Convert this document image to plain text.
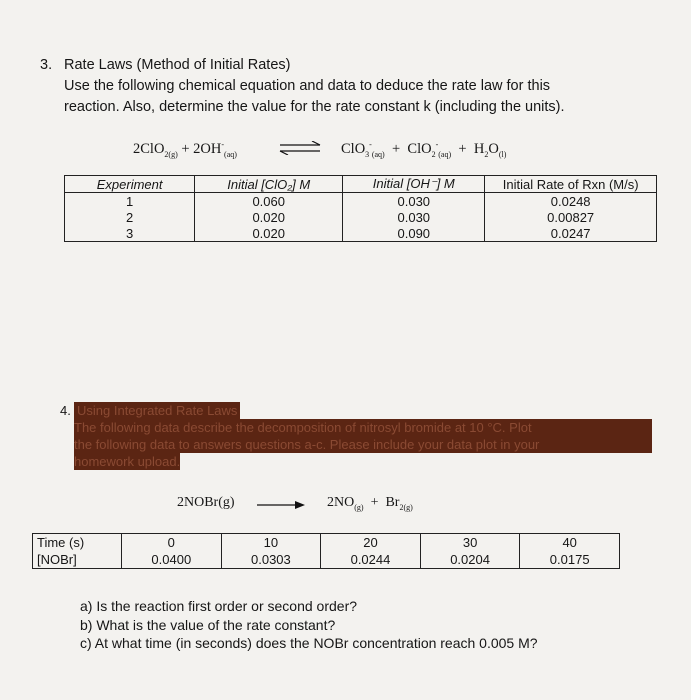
3. Rate Laws (Method of Initial Rates)
Use the following chemical equation and data to deduce the rate law for this
reaction. Also, determine the value for the rate constant k (including the units).
$2ClO_{2(g)} + 2OH^-_{(aq)}$	⇌ $ClO_3^-_{(aq)} + ClO_2^-_{(aq)} + H_2O_{(l)}$
Experiment	Initial [ClO₂] M	Initial [OH⁻] M	Initial Rate of Rxn (M/s)
1	0.060	0.030	0.0248
2	0.020	0.030	0.00827
3	0.020	0.090	0.0247
4. Using Integrated Rate Laws
The following data describe the decomposition of nitrosyl bromide at 10 °C. Plot
the following data to answers questions a-c. Please include your data plot in your
homework upload.
2NOBr(g) → $2NO_{(g)} + Br_{2(g)}$
Time (s)	0	10	20	30	40
[NOBr]	0.0400	0.0303	0.0244	0.0204	0.0175
a) Is the reaction first order or second order?
b) What is the value of the rate constant?
c) At what time (in seconds) does the NOBr concentration reach 0.005 M?
